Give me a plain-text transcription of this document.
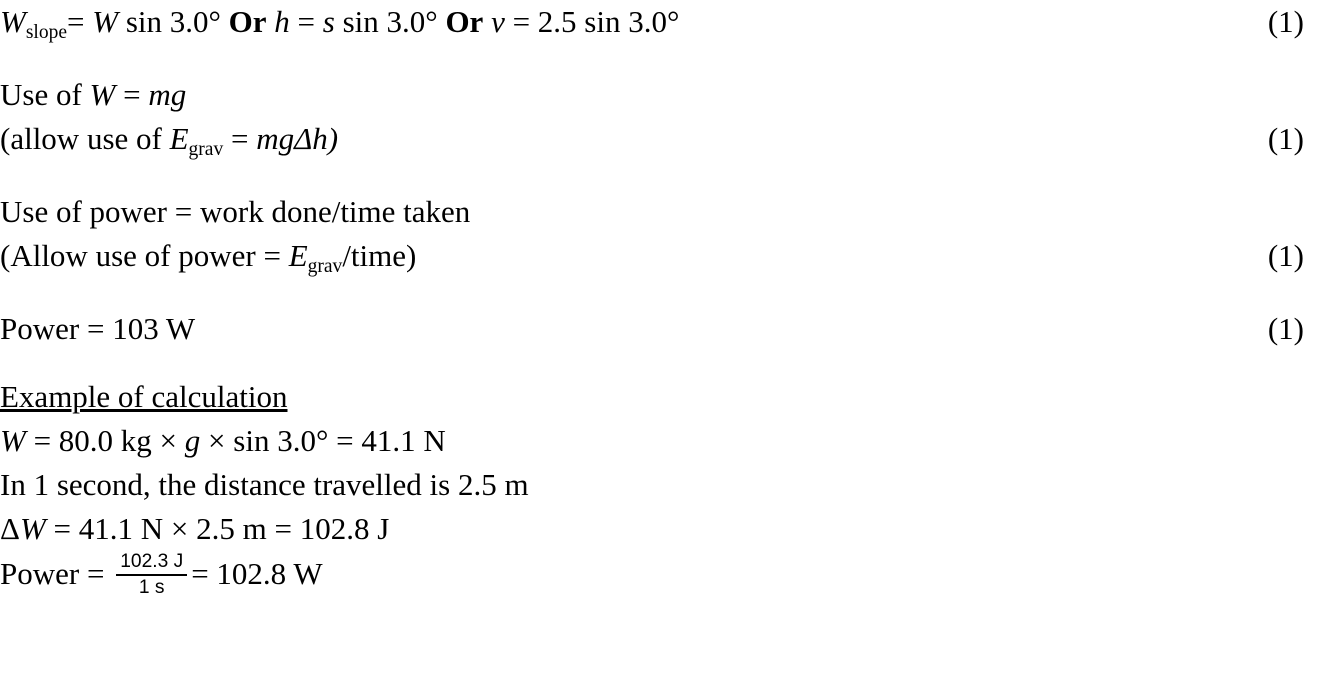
$W_{slope}= W$ sin 3.0° Or h = s sin 3.0° Or v = 2.5 sin 3.0°	(1)
Use of W = mg
(allow use of $E_{grav} = mg\Delta h$)	(1)
Use of power = work done/time taken
(Allow use of power = $E_{grav}/time$)	(1)
Power = 103 W	(1)
Example of calculation
W = 80.0 kg × g × sin 3.0° = 41.1 N
In 1 second, the distance travelled is 2.5 m
ΔW = 41.1 N × 2.5 m = 102.8 J
Power = $\frac{102.3 J}{1 s} = 102.8$ W
